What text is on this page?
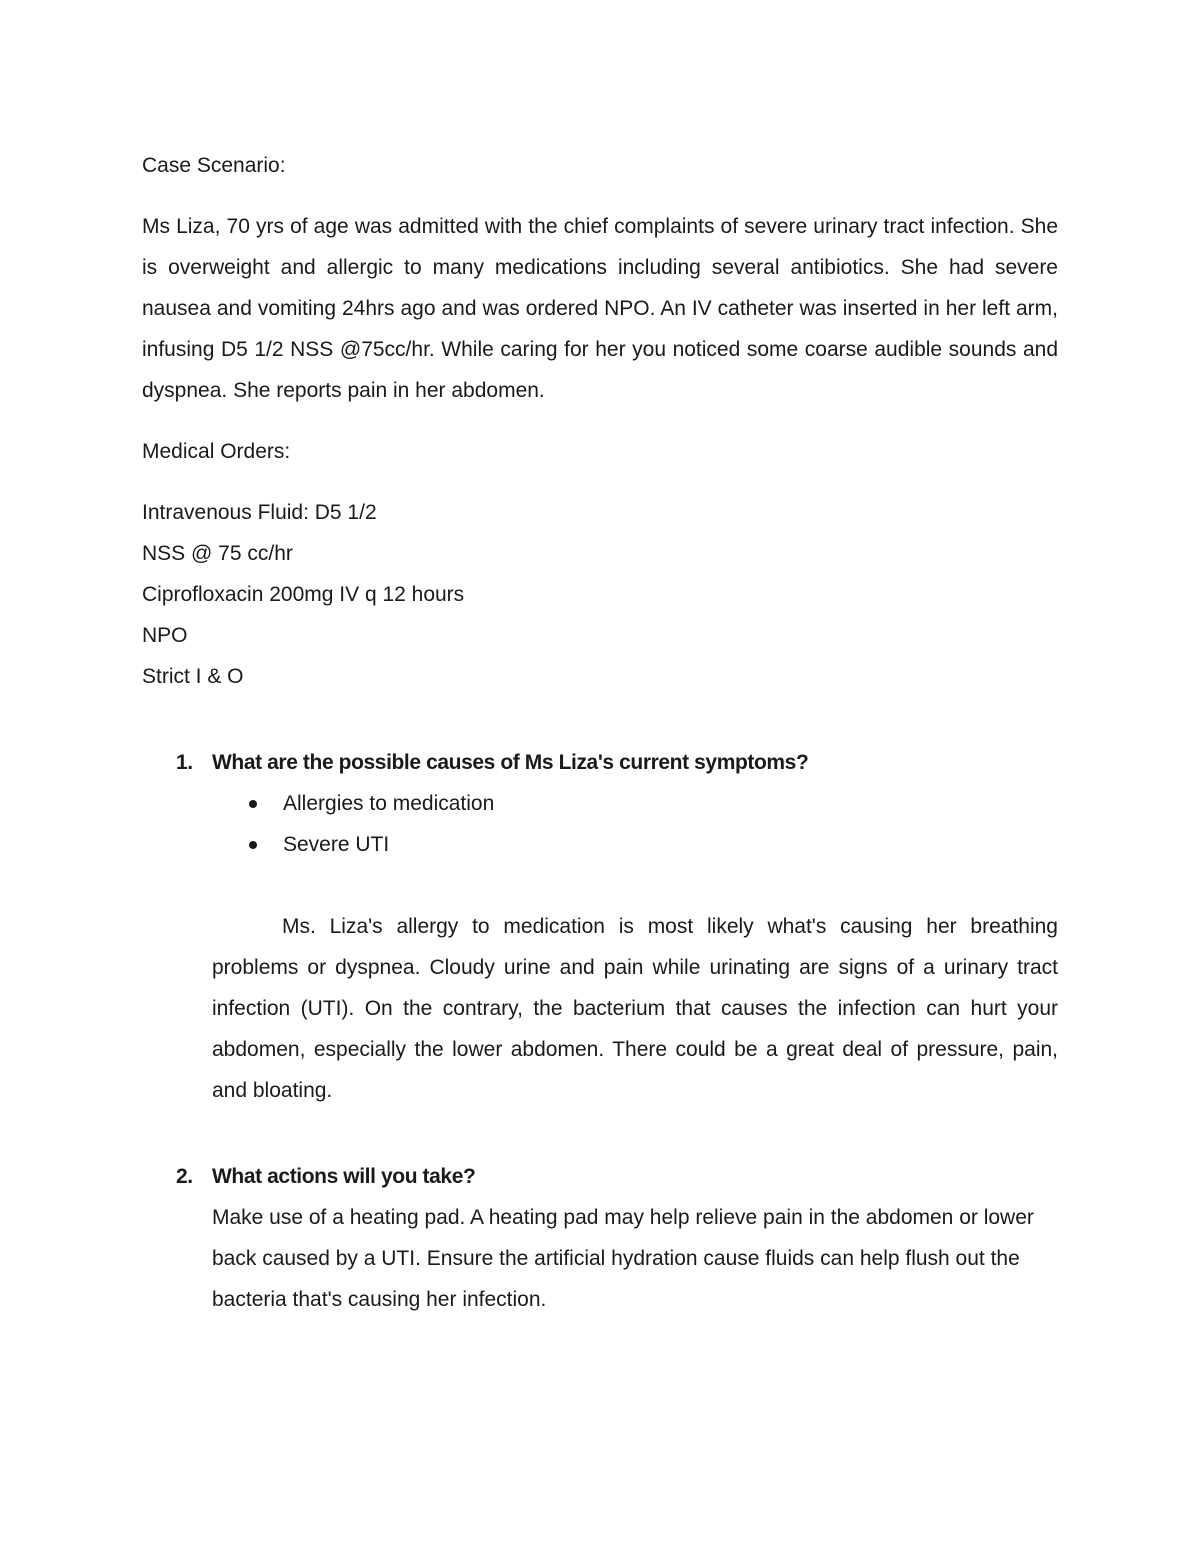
Case Scenario:

Ms Liza, 70 yrs of age was admitted with the chief complaints of severe urinary tract infection. She is overweight and allergic to many medications including several antibiotics. She had severe nausea and vomiting 24hrs ago and was ordered NPO. An IV catheter was inserted in her left arm, infusing D5 1/2 NSS @75cc/hr. While caring for her you noticed some coarse audible sounds and dyspnea. She reports pain in her abdomen.

Medical Orders:

Intravenous Fluid: D5 1/2
NSS @ 75 cc/hr
Ciprofloxacin 200mg IV q 12 hours
NPO
Strict I & O
1. What are the possible causes of Ms Liza's current symptoms?
Allergies to medication
Severe UTI

Ms. Liza's allergy to medication is most likely what's causing her breathing problems or dyspnea. Cloudy urine and pain while urinating are signs of a urinary tract infection (UTI). On the contrary, the bacterium that causes the infection can hurt your abdomen, especially the lower abdomen. There could be a great deal of pressure, pain, and bloating.

2. What actions will you take?

Make use of a heating pad. A heating pad may help relieve pain in the abdomen or lower back caused by a UTI. Ensure the artificial hydration cause fluids can help flush out the bacteria that's causing her infection.
